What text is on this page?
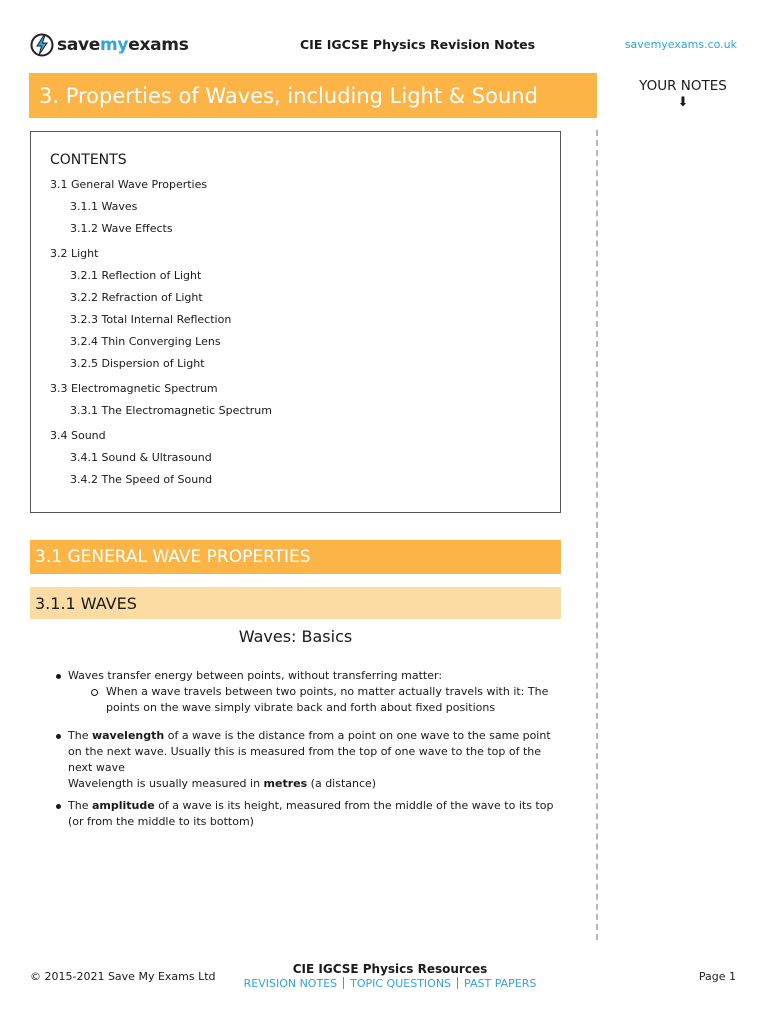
savemyexams	CIE IGCSE Physics Revision Notes	savemyexams.co.uk
3. Properties of Waves, including Light & Sound	YOUR NOTES
⬇
CONTENTS
3.1 General Wave Properties
3.1.1 Waves
3.1.2 Wave Effects
3.2 Light
3.2.1 Reflection of Light
3.2.2 Refraction of Light
3.2.3 Total Internal Reflection
3.2.4 Thin Converging Lens
3.2.5 Dispersion of Light
3.3 Electromagnetic Spectrum
3.3.1 The Electromagnetic Spectrum
3.4 Sound
3.4.1 Sound & Ultrasound
3.4.2 The Speed of Sound
3.1 GENERAL WAVE PROPERTIES
3.1.1 WAVES
Waves: Basics
Waves transfer energy between points, without transferring matter:
When a wave travels between two points, no matter actually travels with it: The points on the wave simply vibrate back and forth about fixed positions
The wavelength of a wave is the distance from a point on one wave to the same point on the next wave. Usually this is measured from the top of one wave to the top of the next wave
Wavelength is usually measured in metres (a distance)
The amplitude of a wave is its height, measured from the middle of the wave to its top (or from the middle to its bottom)
© 2015-2021 Save My Exams Ltd
CIE IGCSE Physics Resources
REVISION NOTES TOPIC QUESTIONS PAST PAPERS
Page 1
